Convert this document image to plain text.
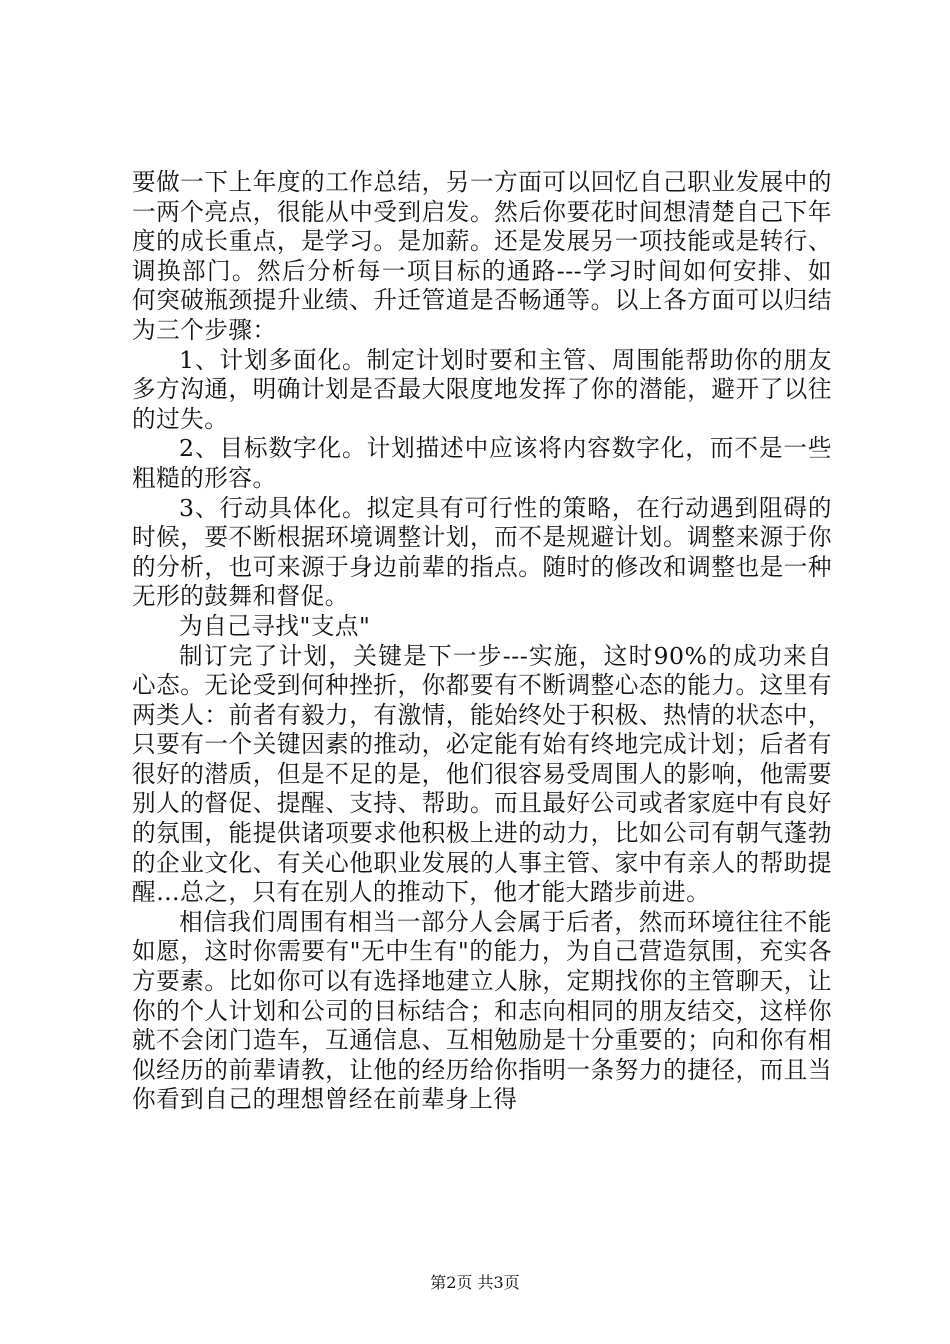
要做一下上年度的工作总结，另一方面可以回忆自己职业发展中的一两个亮点，很能从中受到启发。然后你要花时间想清楚自己下年度的成长重点，是学习。是加薪。还是发展另一项技能或是转行、调换部门。然后分析每一项目标的通路---学习时间如何安排、如何突破瓶颈提升业绩、升迁管道是否畅通等。以上各方面可以归结为三个步骤：

1、计划多面化。制定计划时要和主管、周围能帮助你的朋友多方沟通，明确计划是否最大限度地发挥了你的潜能，避开了以往的过失。

2、目标数字化。计划描述中应该将内容数字化，而不是一些粗糙的形容。

3、行动具体化。拟定具有可行性的策略，在行动遇到阻碍的时候，要不断根据环境调整计划，而不是规避计划。调整来源于你的分析，也可来源于身边前辈的指点。随时的修改和调整也是一种无形的鼓舞和督促。

为自己寻找"支点"

制订完了计划，关键是下一步---实施，这时90%的成功来自心态。无论受到何种挫折，你都要有不断调整心态的能力。这里有两类人：前者有毅力，有激情，能始终处于积极、热情的状态中，只要有一个关键因素的推动，必定能有始有终地完成计划；后者有很好的潜质，但是不足的是，他们很容易受周围人的影响，他需要别人的督促、提醒、支持、帮助。而且最好公司或者家庭中有良好的氛围，能提供诸项要求他积极上进的动力，比如公司有朝气蓬勃的企业文化、有关心他职业发展的人事主管、家中有亲人的帮助提醒…总之，只有在别人的推动下，他才能大踏步前进。

相信我们周围有相当一部分人会属于后者，然而环境往往不能如愿，这时你需要有"无中生有"的能力，为自己营造氛围，充实各方要素。比如你可以有选择地建立人脉，定期找你的主管聊天，让你的个人计划和公司的目标结合；和志向相同的朋友结交，这样你就不会闭门造车，互通信息、互相勉励是十分重要的；向和你有相似经历的前辈请教，让他的经历给你指明一条努力的捷径，而且当你看到自己的理想曾经在前辈身上得

第2页 共3页
